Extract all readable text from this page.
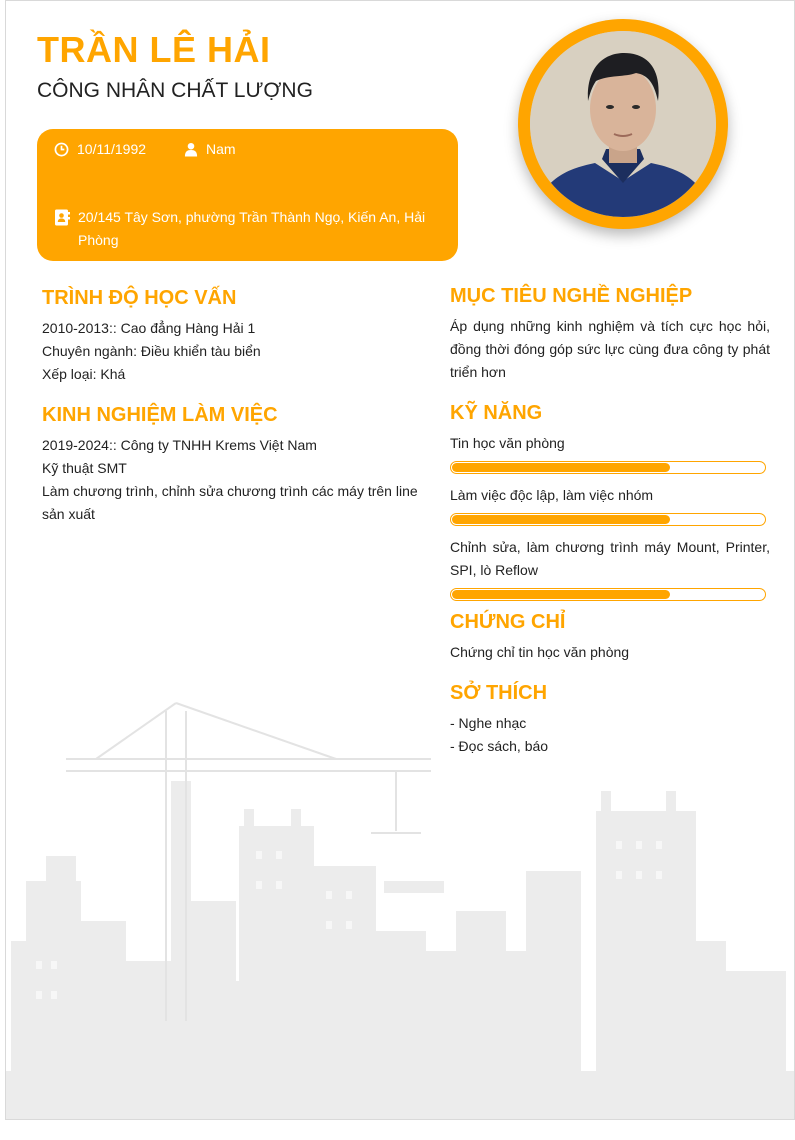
TRẦN LÊ HẢI
CÔNG NHÂN CHẤT LƯỢNG
10/11/1992	Nam
20/145 Tây Sơn, phường Trần Thành Ngọ, Kiến An, Hải Phòng
TRÌNH ĐỘ HỌC VẤN
2010-2013:: Cao đẳng Hàng Hải 1
Chuyên ngành: Điều khiển tàu biển
Xếp loại: Khá
KINH NGHIỆM LÀM VIỆC
2019-2024:: Công ty TNHH Krems Việt Nam
Kỹ thuật SMT
Làm chương trình, chỉnh sửa chương trình các máy trên line sản xuất
MỤC TIÊU NGHỀ NGHIỆP
Áp dụng những kinh nghiệm và tích cực học hỏi, đồng thời đóng góp sức lực cùng đưa công ty phát triển hơn
KỸ NĂNG
Tin học văn phòng
Làm việc độc lập, làm việc nhóm
Chỉnh sửa, làm chương trình máy Mount, Printer, SPI, lò Reflow
CHỨNG CHỈ
Chứng chỉ tin học văn phòng
SỞ THÍCH
- Nghe nhạc
- Đọc sách, báo
